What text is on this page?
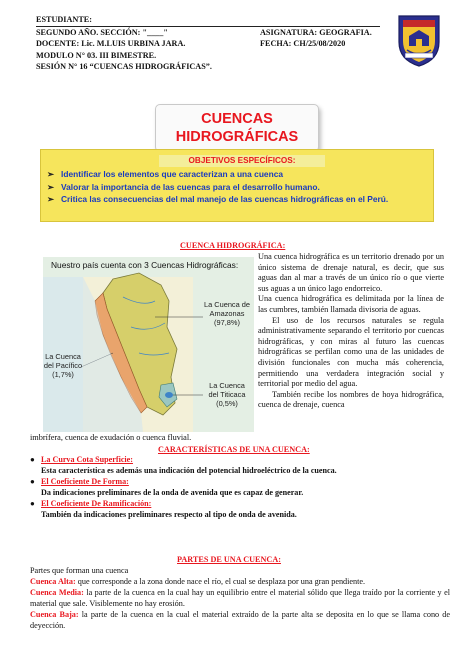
ESTUDIANTE:
SEGUNDO AÑO. SECCIÓN: "____"	ASIGNATURA: GEOGRAFIA.
DOCENTE: Lic. M.LUIS URBINA JARA.	FECHA: CH/25/08/2020
MODULO N° 03. III BIMESTRE.
SESIÓN N° 16 “CUENCAS HIDROGRÁFICAS”.
CUENCAS
HIDROGRÁFICAS
OBJETIVOS ESPECÍFICOS:
➢ Identificar los elementos que caracterizan a una cuenca
➢ Valorar la importancia de las cuencas para el desarrollo humano.
➢ Critica las consecuencias del mal manejo de las cuencas hidrográficas en el Perú.
CUENCA HIDROGRÁFICA:
Nuestro país cuenta con 3 Cuencas Hidrográficas:
La Cuenca de
Amazonas
(97,8%)
La Cuenca
del Pacífico
(1,7%)
La Cuenca
del Titicaca
(0,5%)

Una cuenca hidrográfica es un territorio drenado por un único sistema de drenaje natural, es decir, que sus aguas dan al mar a través de un único río o que vierte sus aguas a un único lago endorreico.

Una cuenca hidrográfica es delimitada por la línea de las cumbres, también llamada divisoria de aguas.

El uso de los recursos naturales se regula administrativamente separando el territorio por cuencas hidrográficas, y con miras al futuro las cuencas hidrográficas se perfilan como una de las unidades de división funcionales con mucha más coherencia, permitiendo una verdadera integración social y territorial por medio del agua.

También recibe los nombres de hoya hidrográfica, cuenca de drenaje, cuenca

imbrífera, cuenca de exudación o cuenca fluvial.
CARACTERÍSTICAS DE UNA CUENCA:
● La Curva Cota Superficie:
Esta característica es además una indicación del potencial hidroeléctrico de la cuenca.
● El Coeficiente De Forma:
Da indicaciones preliminares de la onda de avenida que es capaz de generar.
● El Coeficiente De Ramificación:
También da indicaciones preliminares respecto al tipo de onda de avenida.
PARTES DE UNA CUENCA:
Partes que forman una cuenca
Cuenca Alta: que corresponde a la zona donde nace el río, el cual se desplaza por una gran pendiente.
Cuenca Media: la parte de la cuenca en la cual hay un equilibrio entre el material sólido que llega traído por la corriente y el material que sale. Visiblemente no hay erosión.
Cuenca Baja: la parte de la cuenca en la cual el material extraído de la parte alta se deposita en lo que se llama cono de deyección.
